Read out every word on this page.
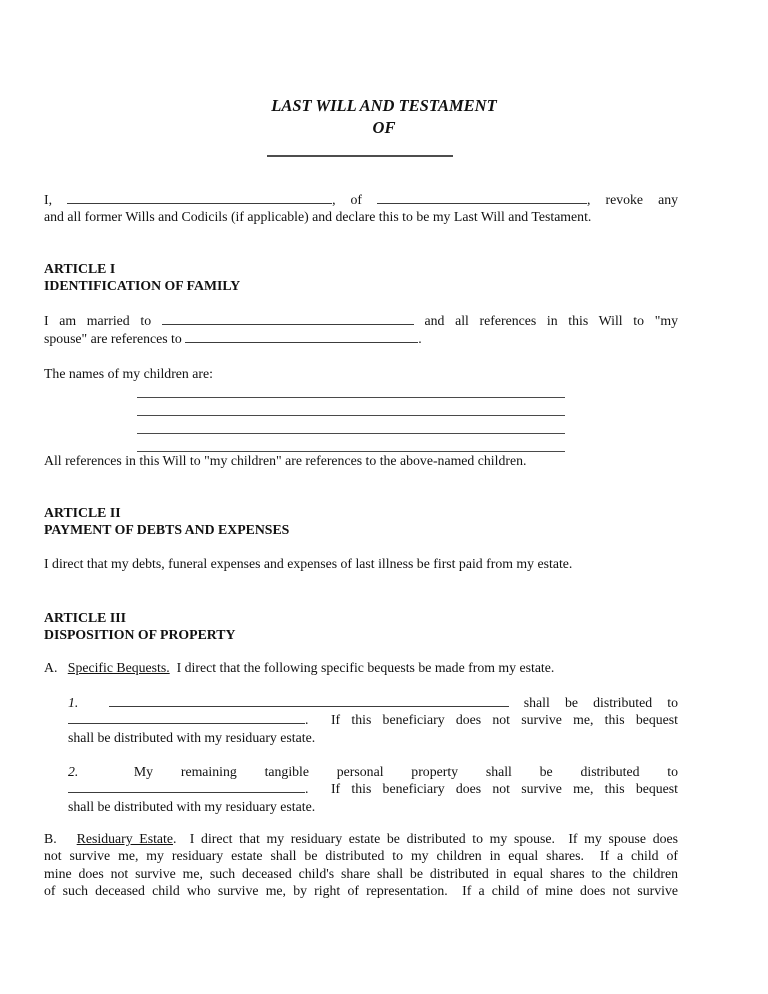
LAST WILL AND TESTAMENT
OF
I,	, of	, revoke any
and all former Wills and Codicils (if applicable) and declare this to be my Last Will and Testament.
ARTICLE I
IDENTIFICATION OF FAMILY
I am married to	and all references in this Will to "my
spouse" are references to	.
The names of my children are:
All references in this Will to "my children" are references to the above-named children.
ARTICLE II
PAYMENT OF DEBTS AND EXPENSES
I direct that my debts, funeral expenses and expenses of last illness be first paid from my estate.
ARTICLE III
DISPOSITION OF PROPERTY
A.   Specific Bequests.  I direct that the following specific bequests be made from my estate.
1.	shall be distributed to
.  If this beneficiary does not survive me, this bequest
shall be distributed with my residuary estate.
2.  My remaining tangible personal property shall be distributed to
.  If this beneficiary does not survive me, this bequest
shall be distributed with my residuary estate.
B.   Residuary Estate.  I direct that my residuary estate be distributed to my spouse.  If my spouse does
not survive me, my residuary estate shall be distributed to my children in equal shares.  If a child of
mine does not survive me, such deceased child's share shall be distributed in equal shares to the children
of such deceased child who survive me, by right of representation.  If a child of mine does not survive
